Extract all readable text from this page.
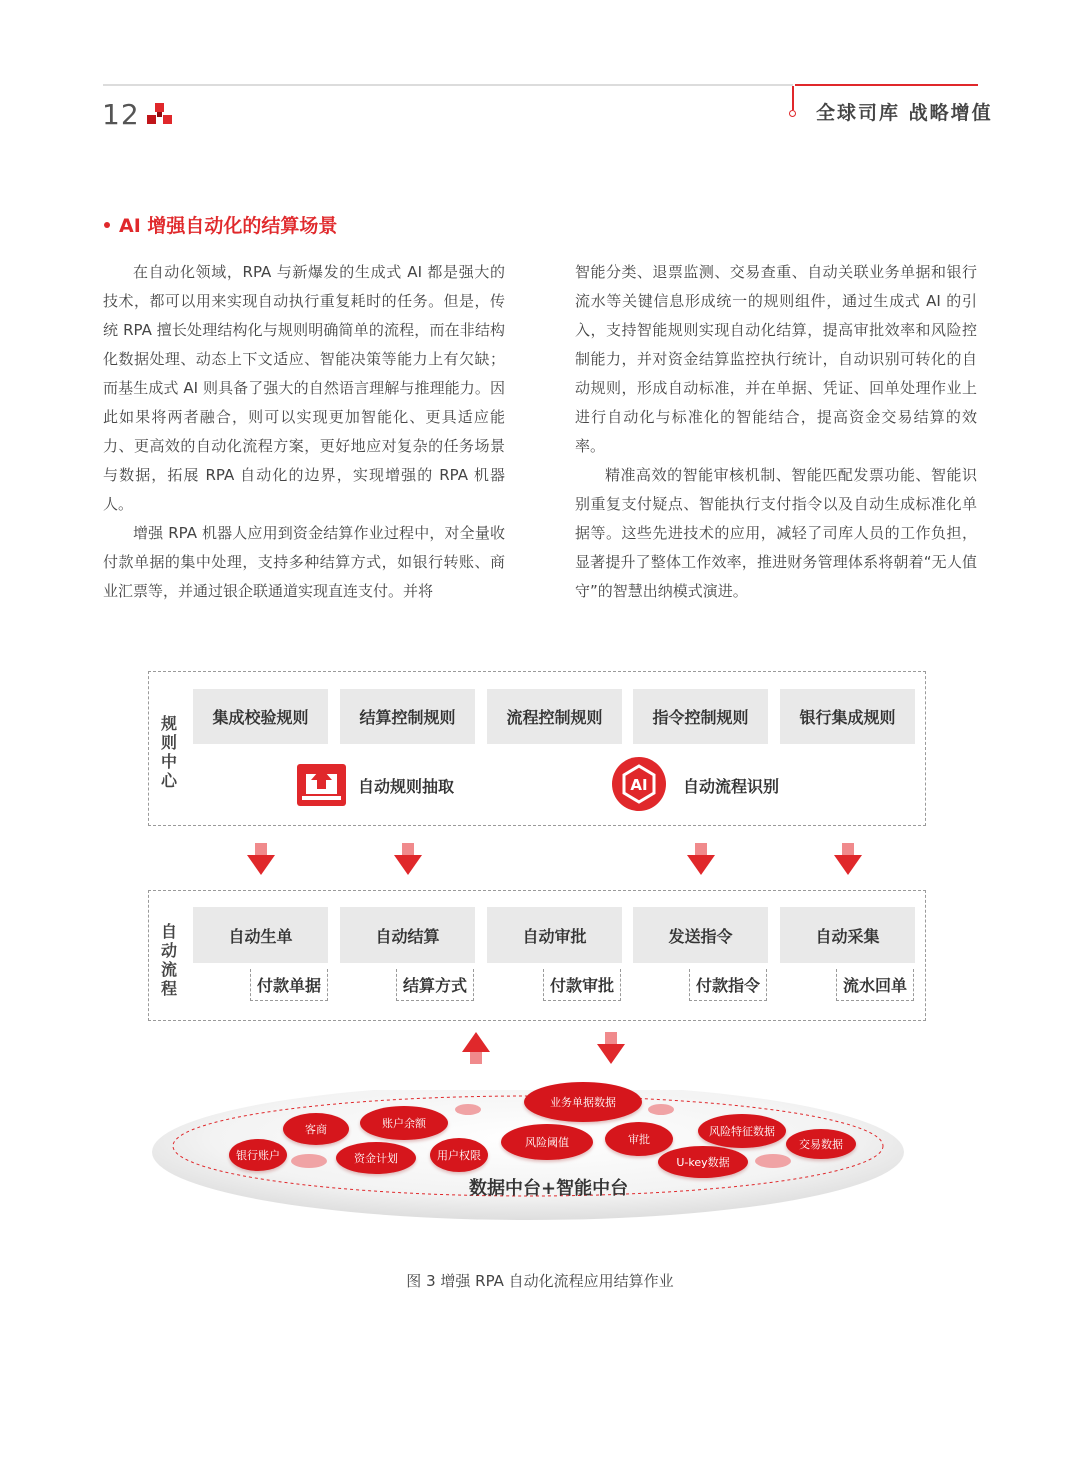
12	全球司库 战略增值
AI 增强自动化的结算场景

在自动化领域，RPA 与新爆发的生成式 AI 都是强大的技术，都可以用来实现自动执行重复耗时的任务。但是，传统 RPA 擅长处理结构化与规则明确简单的流程，而在非结构化数据处理、动态上下文适应、智能决策等能力上有欠缺；而基生成式 AI 则具备了强大的自然语言理解与推理能力。因此如果将两者融合，则可以实现更加智能化、更具适应能力、更高效的自动化流程方案，更好地应对复杂的任务场景与数据，拓展 RPA 自动化的边界，实现增强的 RPA 机器人。

增强 RPA 机器人应用到资金结算作业过程中，对全量收付款单据的集中处理，支持多种结算方式，如银行转账、商业汇票等，并通过银企联通道实现直连支付。并将

智能分类、退票监测、交易查重、自动关联业务单据和银行流水等关键信息形成统一的规则组件，通过生成式 AI 的引入，支持智能规则实现自动化结算，提高审批效率和风险控制能力，并对资金结算监控执行统计，自动识别可转化的自动规则，形成自动标准，并在单据、凭证、回单处理作业上进行自动化与标准化的智能结合，提高资金交易结算的效率。

精准高效的智能审核机制、智能匹配发票功能、智能识别重复支付疑点、智能执行支付指令以及自动生成标准化单据等。这些先进技术的应用，减轻了司库人员的工作负担，显著提升了整体工作效率，推进财务管理体系将朝着“无人值守”的智慧出纳模式演进。

规则中心
集成校验规则	结算控制规则	流程控制规则	指令控制规则	银行集成规则
自动规则抽取	AI 自动流程识别
自动流程
自动生单	自动结算	自动审批	发送指令	自动采集
付款单据	结算方式	付款审批	付款指令	流水回单
业务单据数据
账户余额
客商
银行账户	资金计划	用户权限
风险阈值	审批
风险特征数据
U-key数据
交易数据
数据中台+智能中台
图 3 增强 RPA 自动化流程应用结算作业
